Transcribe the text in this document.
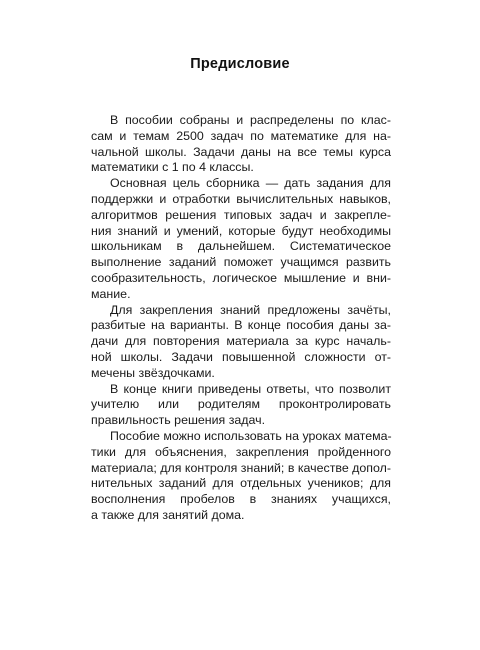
Предисловие

В пособии собраны и распределены по клас-
сам и темам 2500 задач по математике для на-
чальной школы. Задачи даны на все темы курса
математики с 1 по 4 классы.

Основная цель сборника — дать задания для
поддержки и отработки вычислительных навыков,
алгоритмов решения типовых задач и закрепле-
ния знаний и умений, которые будут необходимы
школьникам в дальнейшем. Систематическое
выполнение заданий поможет учащимся развить
сообразительность, логическое мышление и вни-
мание.

Для закрепления знаний предложены зачёты,
разбитые на варианты. В конце пособия даны за-
дачи для повторения материала за курс началь-
ной школы. Задачи повышенной сложности от-
мечены звёздочками.

В конце книги приведены ответы, что позволит
учителю или родителям проконтролировать
правильность решения задач.

Пособие можно использовать на уроках матема-
тики для объяснения, закрепления пройденного
материала; для контроля знаний; в качестве допол-
нительных заданий для отдельных учеников; для
восполнения пробелов в знаниях учащихся,
а также для занятий дома.
